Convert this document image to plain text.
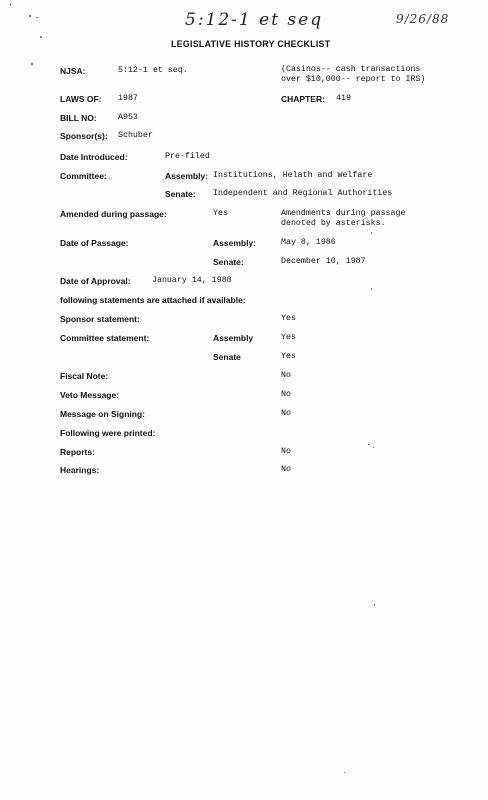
5:12-1 et seq	9/26/88
LEGISLATIVE HISTORY CHECKLIST
NJSA:	5:12-1 et seq.	(Casinos-- cash transactions over $10,000-- report to IRS)
LAWS OF: 1987	CHAPTER: 419
BILL NO:	A953
Sponsor(s): Schuber
Date Introduced:	Pre-filed
Committee:	Assembly: Institutions, Helath and Welfare
Senate: Independent and Regional Authorities
Amended during passage:	Yes	Amendments during passage denoted by asterisks.
Date of Passage:	Assembly:	May 8, 1986
Senate:	December 10, 1987
Date of Approval:	January 14, 1988
following statements are attached if available:
Sponsor statement:	Yes
Committee statement:	Assembly	Yes
Senate	Yes
Fiscal Note:	No
Veto Message:	No
Message on Signing:	No
Following were printed:
Reports:	No
Hearings:	No
